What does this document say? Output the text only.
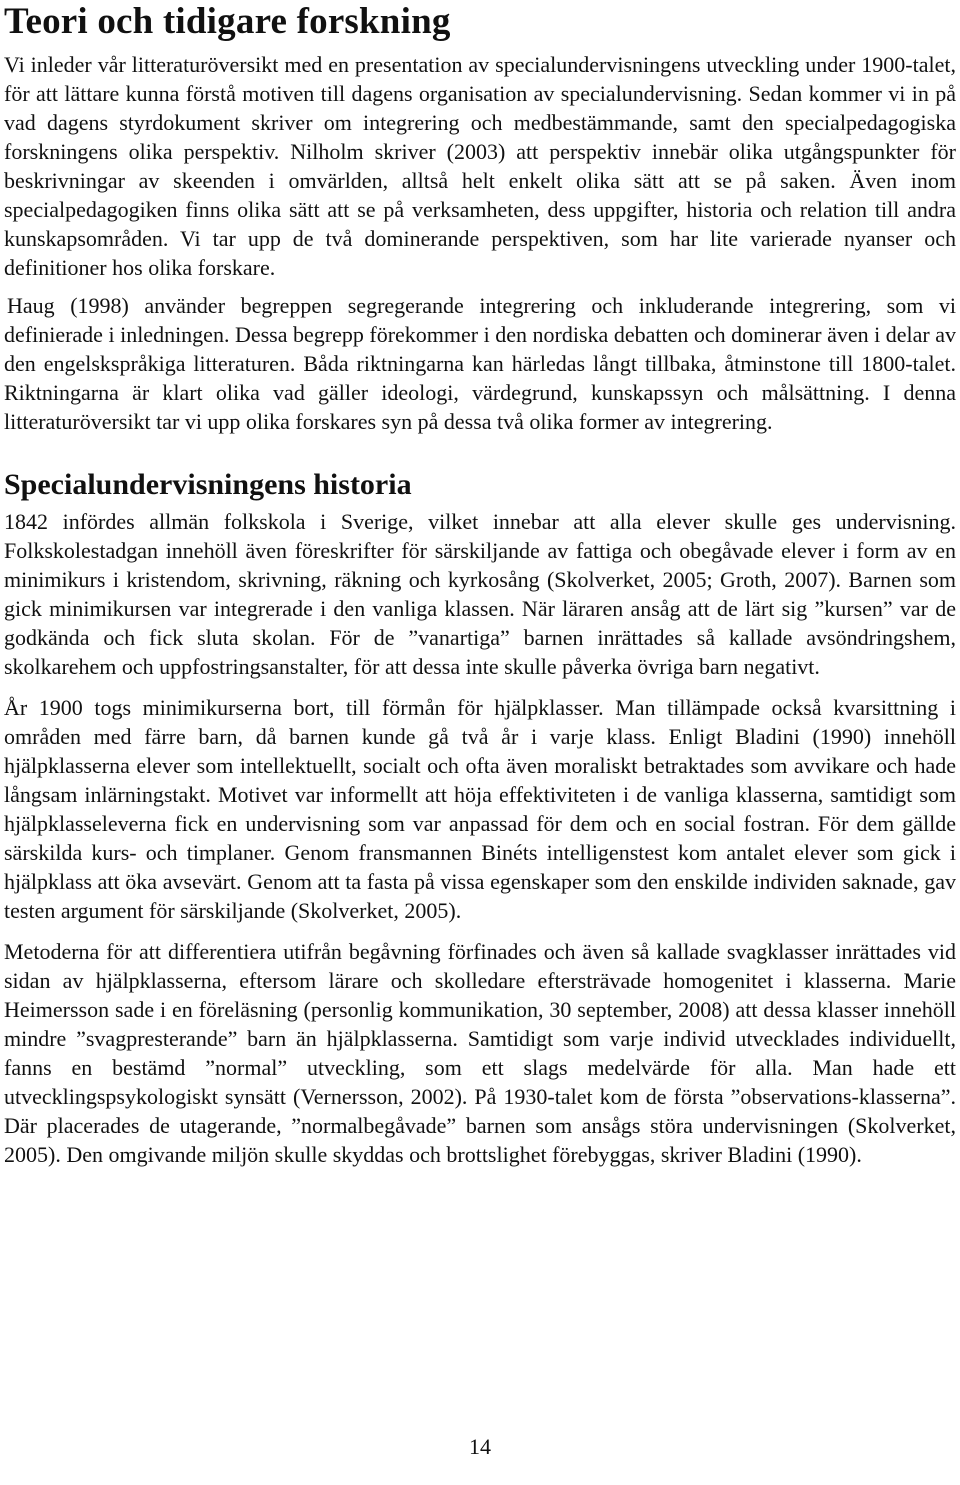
Teori och tidigare forskning

Vi inleder vår litteraturöversikt med en presentation av specialundervisningens utveckling under 1900-talet, för att lättare kunna förstå motiven till dagens organisation av specialundervisning. Sedan kommer vi in på vad dagens styrdokument skriver om integrering och medbestämmande, samt den specialpedagogiska forskningens olika perspektiv. Nilholm skriver (2003) att perspektiv innebär olika utgångspunkter för beskrivningar av skeenden i omvärlden, alltså helt enkelt olika sätt att se på saken. Även inom specialpedagogiken finns olika sätt att se på verksamheten, dess uppgifter, historia och relation till andra kunskapsområden. Vi tar upp de två dominerande perspektiven, som har lite varierade nyanser och definitioner hos olika forskare.

Haug (1998) använder begreppen segregerande integrering och inkluderande integrering, som vi definierade i inledningen. Dessa begrepp förekommer i den nordiska debatten och dominerar även i delar av den engelskspråkiga litteraturen. Båda riktningarna kan härledas långt tillbaka, åtminstone till 1800-talet. Riktningarna är klart olika vad gäller ideologi, värdegrund, kunskapssyn och målsättning. I denna litteraturöversikt tar vi upp olika forskares syn på dessa två olika former av integrering.

Specialundervisningens historia

1842 infördes allmän folkskola i Sverige, vilket innebar att alla elever skulle ges undervisning. Folkskolestadgan innehöll även föreskrifter för särskiljande av fattiga och obegåvade elever i form av en minimikurs i kristendom, skrivning, räkning och kyrkosång (Skolverket, 2005; Groth, 2007). Barnen som gick minimikursen var integrerade i den vanliga klassen. När läraren ansåg att de lärt sig ”kursen” var de godkända och fick sluta skolan. För de ”vanartiga” barnen inrättades så kallade avsöndringshem, skolkarehem och uppfostringsanstalter, för att dessa inte skulle påverka övriga barn negativt.

År 1900 togs minimikurserna bort, till förmån för hjälpklasser. Man tillämpade också kvarsittning i områden med färre barn, då barnen kunde gå två år i varje klass. Enligt Bladini (1990) innehöll hjälpklasserna elever som intellektuellt, socialt och ofta även moraliskt betraktades som avvikare och hade långsam inlärningstakt. Motivet var informellt att höja effektiviteten i de vanliga klasserna, samtidigt som hjälpklasseleverna fick en undervisning som var anpassad för dem och en social fostran. För dem gällde särskilda kurs- och timplaner. Genom fransmannen Binéts intelligenstest kom antalet elever som gick i hjälpklass att öka avsevärt. Genom att ta fasta på vissa egenskaper som den enskilde individen saknade, gav testen argument för särskiljande (Skolverket, 2005).

Metoderna för att differentiera utifrån begåvning förfinades och även så kallade svagklasser inrättades vid sidan av hjälpklasserna, eftersom lärare och skolledare eftersträvade homogenitet i klasserna. Marie Heimersson sade i en föreläsning (personlig kommunikation, 30 september, 2008) att dessa klasser innehöll mindre ”svagpresterande” barn än hjälpklasserna. Samtidigt som varje individ utvecklades individuellt, fanns en bestämd ”normal” utveckling, som ett slags medelvärde för alla. Man hade ett utvecklingspsykologiskt synsätt (Vernersson, 2002). På 1930-talet kom de första ”observations-klasserna”. Där placerades de utagerande, ”normalbegåvade” barnen som ansågs störa undervisningen (Skolverket, 2005). Den omgivande miljön skulle skyddas och brottslighet förebyggas, skriver Bladini (1990).

14
